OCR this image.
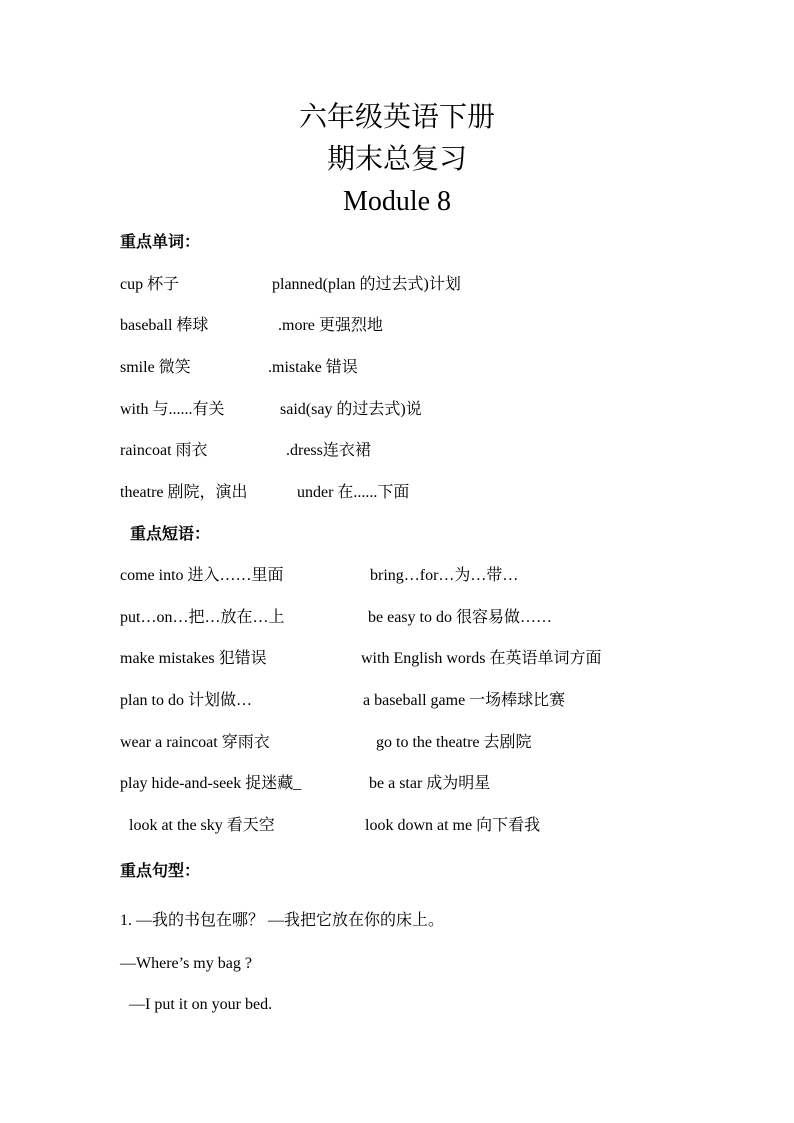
六年级英语下册
期末总复习
Module 8
重点单词：
cup 杯子	planned(plan 的过去式)计划
baseball 棒球	.more 更强烈地
smile 微笑	.mistake 错误
with 与......有关	said(say 的过去式)说
raincoat 雨衣	.dress连衣裙
theatre 剧院，演出	under 在......下面
重点短语：
come into 进入……里面	bring…for…为…带…
put…on…把…放在…上	be easy to do 很容易做……
make mistakes 犯错误	with English words 在英语单词方面
plan to do 计划做…	a baseball game 一场棒球比赛
wear a raincoat 穿雨衣	go to the theatre 去剧院
play hide-and-seek 捉迷藏_	be a star 成为明星
look at the sky 看天空	look down at me 向下看我
重点句型：
1. —我的书包在哪？ —我把它放在你的床上。
—Where’s my bag ?
—I put it on your bed.
